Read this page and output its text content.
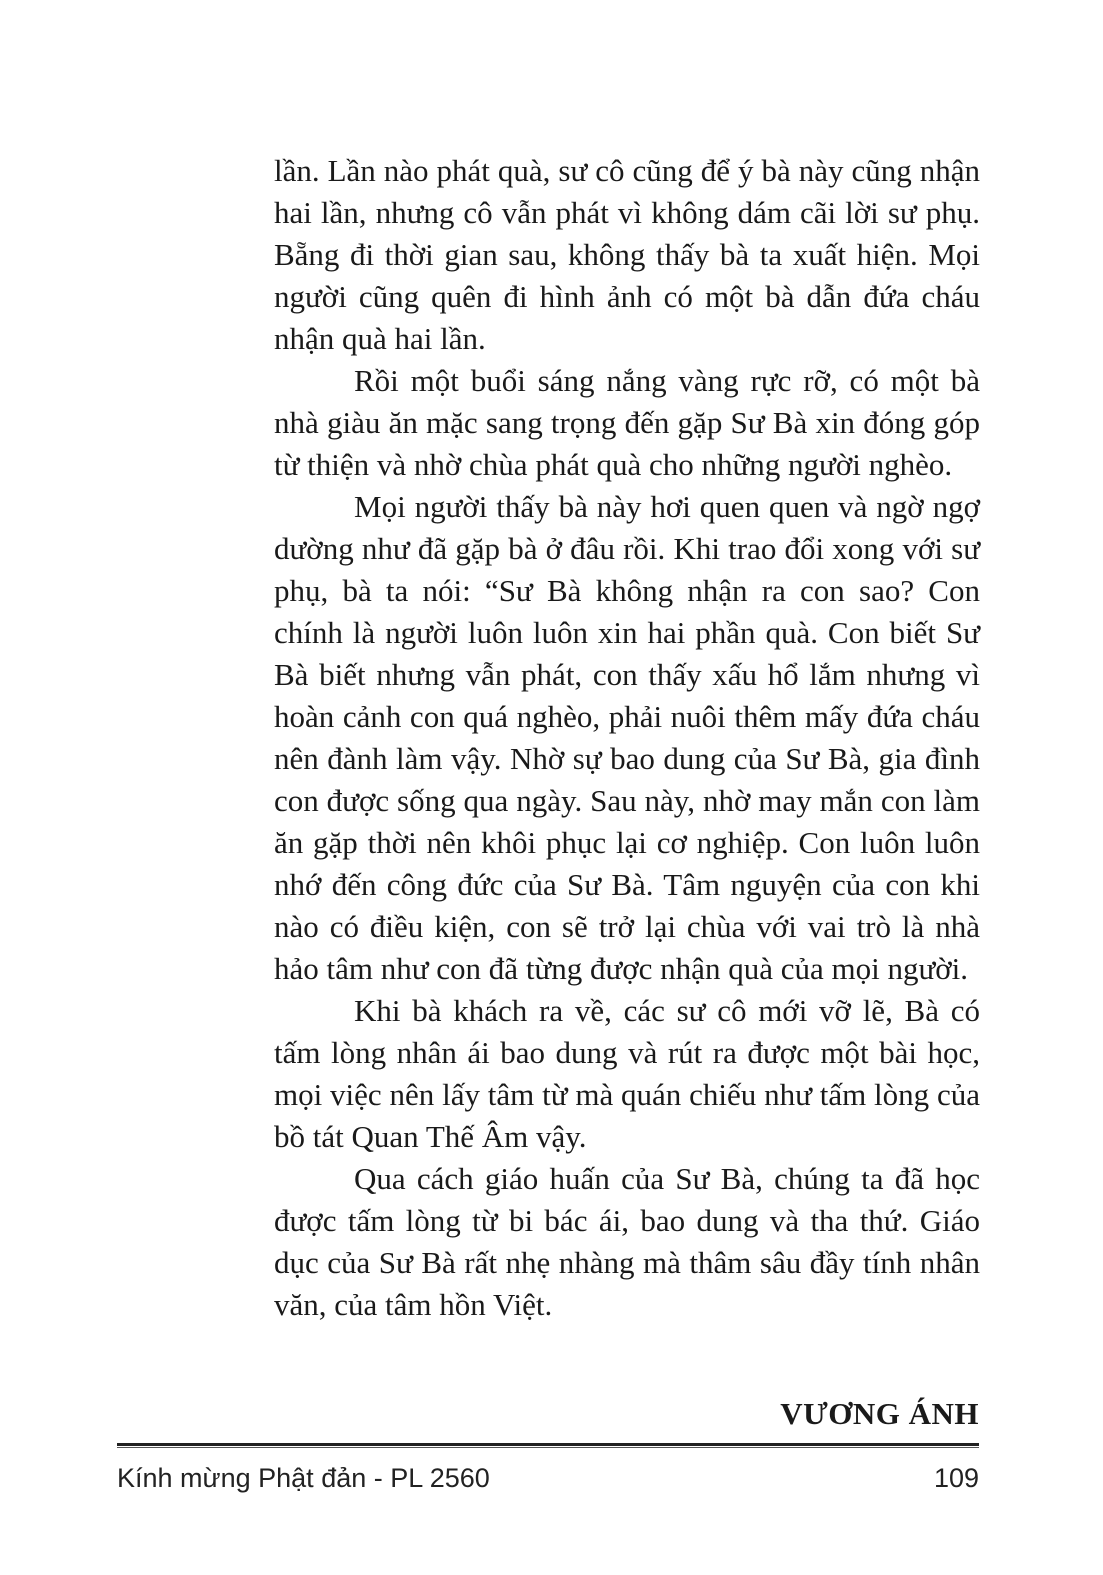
lần. Lần nào phát quà, sư cô cũng để ý bà này cũng nhận hai lần, nhưng cô vẫn phát vì không dám cãi lời sư phụ. Bẵng đi thời gian sau, không thấy bà ta xuất hiện. Mọi người cũng quên đi hình ảnh có một bà dẫn đứa cháu nhận quà hai lần.

Rồi một buổi sáng nắng vàng rực rỡ, có một bà nhà giàu ăn mặc sang trọng đến gặp Sư Bà xin đóng góp từ thiện và nhờ chùa phát quà cho những người nghèo.

Mọi người thấy bà này hơi quen quen và ngờ ngợ dường như đã gặp bà ở đâu rồi. Khi trao đổi xong với sư phụ, bà ta nói: “Sư Bà không nhận ra con sao? Con chính là người luôn luôn xin hai phần quà. Con biết Sư Bà biết nhưng vẫn phát, con thấy xấu hổ lắm nhưng vì hoàn cảnh con quá nghèo, phải nuôi thêm mấy đứa cháu nên đành làm vậy. Nhờ sự bao dung của Sư Bà, gia đình con được sống qua ngày. Sau này, nhờ may mắn con làm ăn gặp thời nên khôi phục lại cơ nghiệp. Con luôn luôn nhớ đến công đức của Sư Bà. Tâm nguyện của con khi nào có điều kiện, con sẽ trở lại chùa với vai trò là nhà hảo tâm như con đã từng được nhận quà của mọi người.

Khi bà khách ra về, các sư cô mới vỡ lẽ, Bà có tấm lòng nhân ái bao dung và rút ra được một bài học, mọi việc nên lấy tâm từ mà quán chiếu như tấm lòng của bồ tát Quan Thế Âm vậy.

Qua cách giáo huấn của Sư Bà, chúng ta đã học được tấm lòng từ bi bác ái, bao dung và tha thứ. Giáo dục của Sư Bà rất nhẹ nhàng mà thâm sâu đầy tính nhân văn, của tâm hồn Việt.

VƯƠNG ÁNH
Kính mừng Phật đản - PL 2560	109
